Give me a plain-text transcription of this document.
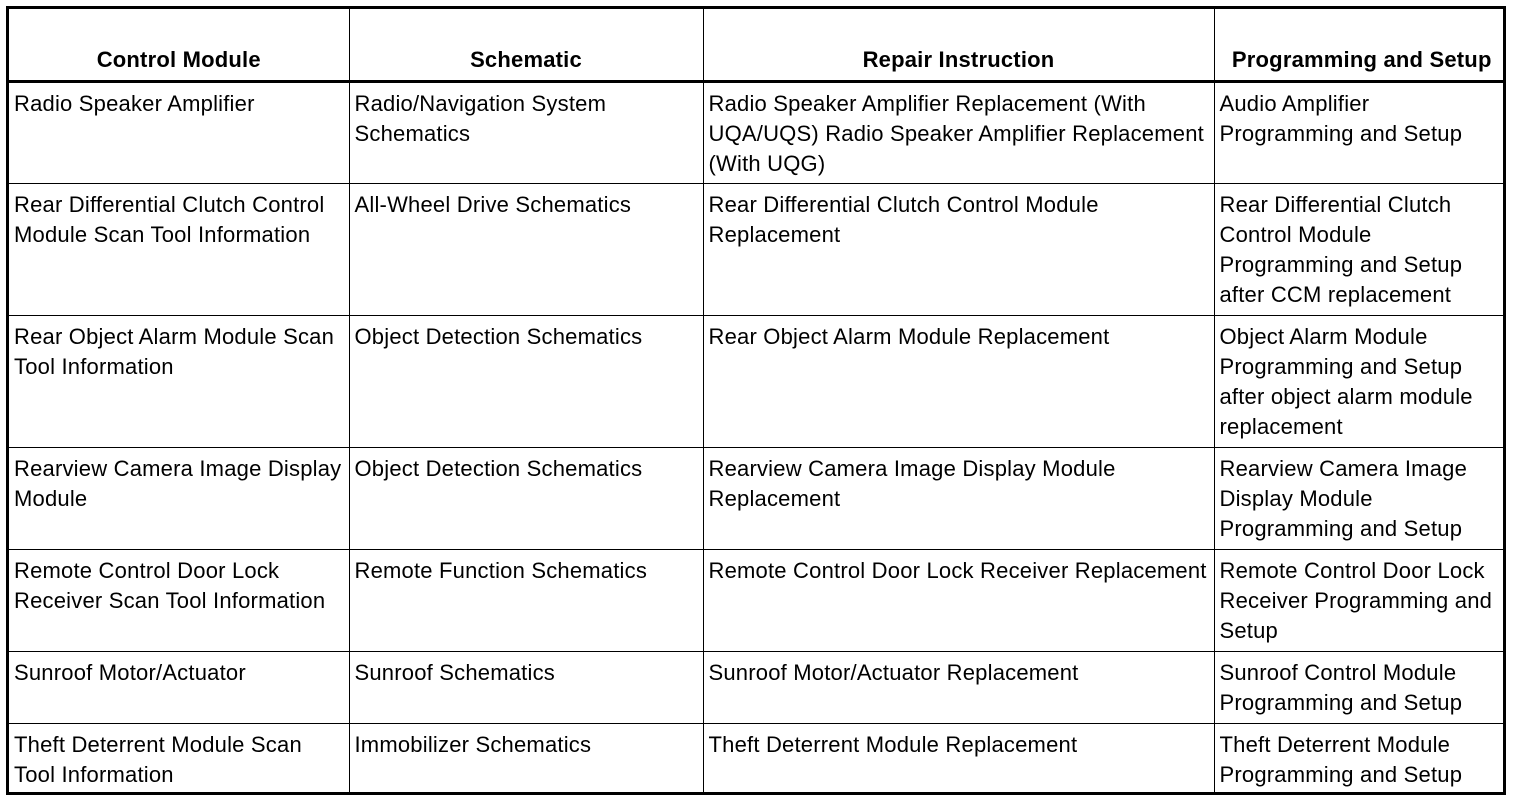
Control Module	Schematic	Repair Instruction	Programming and Setup
Radio Speaker Amplifier	Radio/Navigation System Schematics	Radio Speaker Amplifier Replacement (With UQA/UQS) Radio Speaker Amplifier Replacement (With UQG)	Audio Amplifier Programming and Setup
Rear Differential Clutch Control Module Scan Tool Information	All-Wheel Drive Schematics	Rear Differential Clutch Control Module Replacement	Rear Differential Clutch Control Module Programming and Setup after CCM replacement
Rear Object Alarm Module Scan Tool Information	Object Detection Schematics	Rear Object Alarm Module Replacement	Object Alarm Module Programming and Setup after object alarm module replacement
Rearview Camera Image Display Module	Object Detection Schematics	Rearview Camera Image Display Module Replacement	Rearview Camera Image Display Module Programming and Setup
Remote Control Door Lock Receiver Scan Tool Information	Remote Function Schematics	Remote Control Door Lock Receiver Replacement	Remote Control Door Lock Receiver Programming and Setup
Sunroof Motor/Actuator	Sunroof Schematics	Sunroof Motor/Actuator Replacement	Sunroof Control Module Programming and Setup
Theft Deterrent Module Scan Tool Information	Immobilizer Schematics	Theft Deterrent Module Replacement	Theft Deterrent Module Programming and Setup
